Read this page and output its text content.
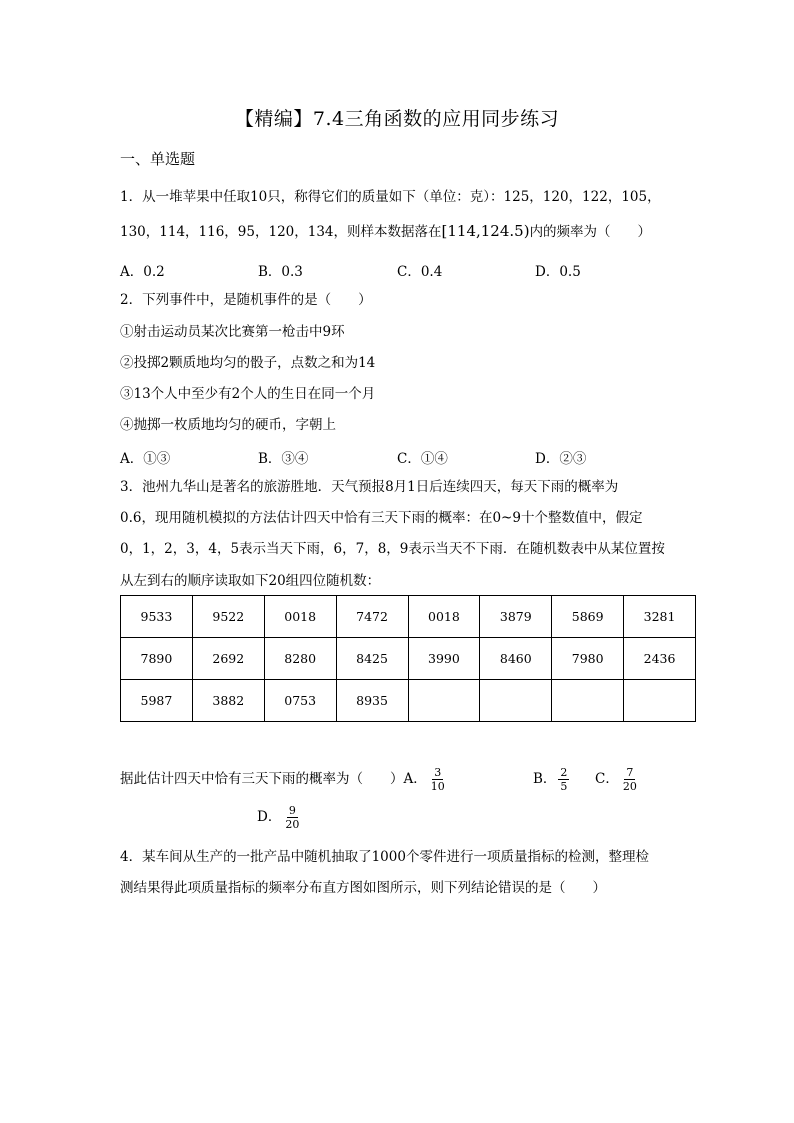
【精编】7.4三角函数的应用同步练习
一、单选题
1．从一堆苹果中任取10只，称得它们的质量如下（单位：克）：125，120，122，105，
130，114，116，95，120，134，则样本数据落在[114,124.5)内的频率为（　　）
A．0.2	B．0.3	C．0.4	D．0.5
2．下列事件中，是随机事件的是（　　）
①射击运动员某次比赛第一枪击中9环
②投掷2颗质地均匀的骰子，点数之和为14
③13个人中至少有2个人的生日在同一个月
④抛掷一枚质地均匀的硬币，字朝上
A．①③	B．③④	C．①④	D．②③
3．池州九华山是著名的旅游胜地．天气预报8月1日后连续四天，每天下雨的概率为
0.6，现用随机模拟的方法估计四天中恰有三天下雨的概率：在0~9十个整数值中，假定
0，1，2，3，4，5表示当天下雨，6，7，8，9表示当天不下雨．在随机数表中从某位置按
从左到右的顺序读取如下20组四位随机数：
9533	9522	0018	7472	0018	3879	5869	3281
7890	2692	8280	8425	3990	8460	7980	2436
5987	3882	0753	8935				
据此估计四天中恰有三天下雨的概率为（　　）A． $\frac{3}{10}$	B． $\frac{2}{5}$ C． $\frac{7}{20}$
D． $\frac{9}{20}$
4．某车间从生产的一批产品中随机抽取了1000个零件进行一项质量指标的检测，整理检
测结果得此项质量指标的频率分布直方图如图所示，则下列结论错误的是（　　）
